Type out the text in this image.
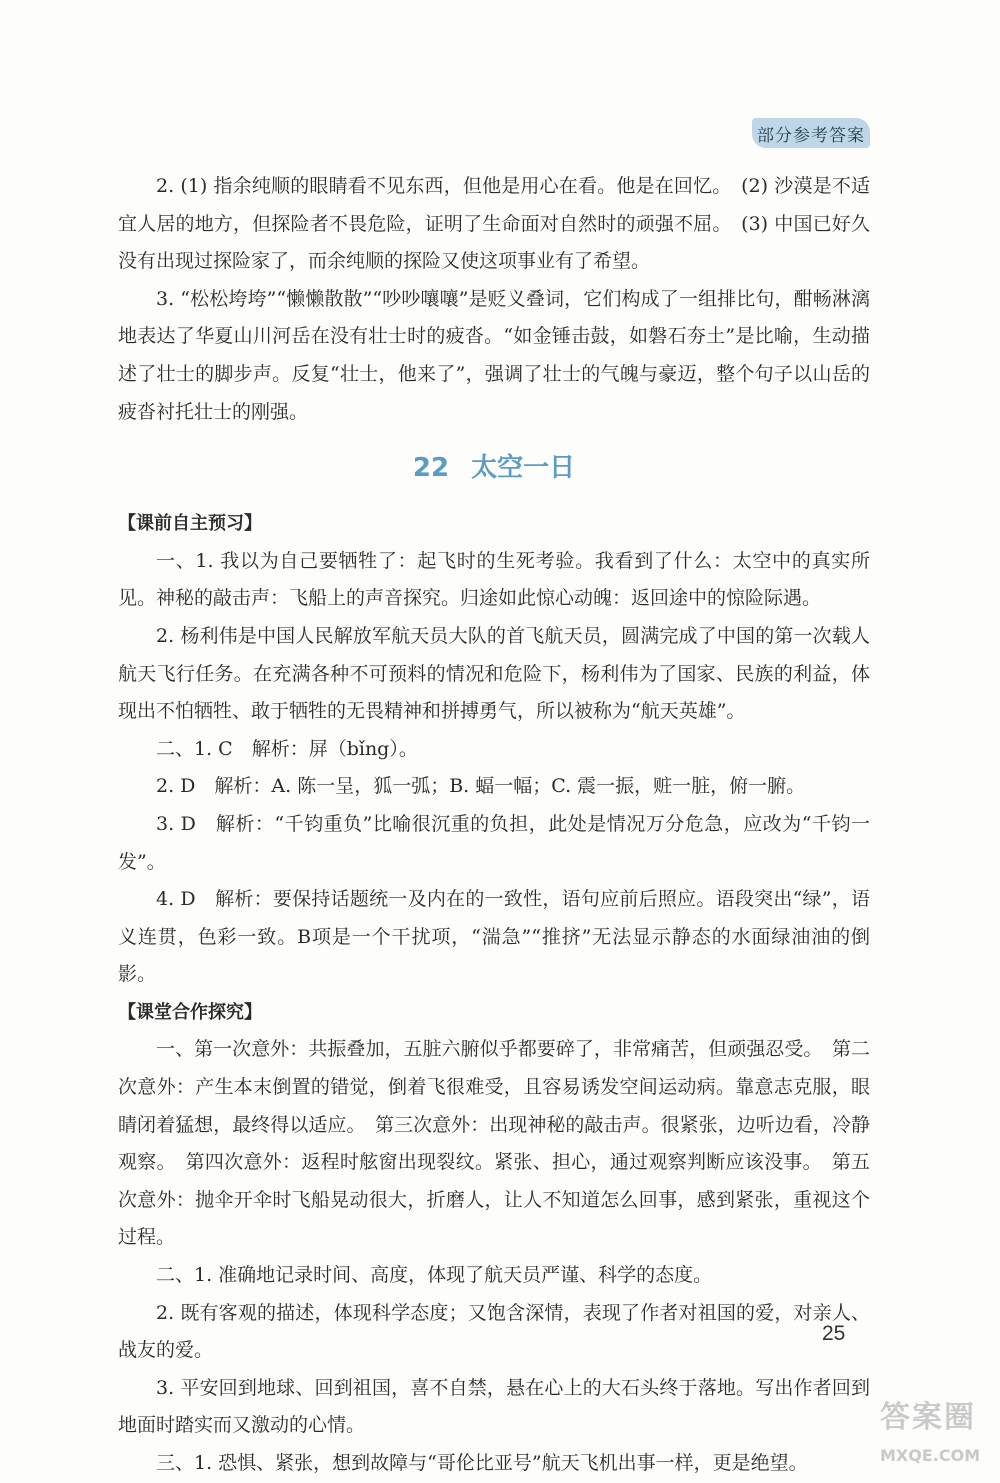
部分参考答案

2. (1) 指余纯顺的眼睛看不见东西，但他是用心在看。他是在回忆。　(2) 沙漠是不适宜人居的地方，但探险者不畏危险，证明了生命面对自然时的顽强不屈。　(3) 中国已好久没有出现过探险家了，而余纯顺的探险又使这项事业有了希望。

3. “松松垮垮”“懒懒散散”“吵吵嚷嚷”是贬义叠词，它们构成了一组排比句，酣畅淋漓地表达了华夏山川河岳在没有壮士时的疲沓。“如金锤击鼓，如磐石夯土”是比喻，生动描述了壮士的脚步声。反复“壮士，他来了”，强调了壮士的气魄与豪迈，整个句子以山岳的疲沓衬托壮士的刚强。

22 太空一日

【课前自主预习】

一、1. 我以为自己要牺牲了：起飞时的生死考验。我看到了什么：太空中的真实所见。神秘的敲击声：飞船上的声音探究。归途如此惊心动魄：返回途中的惊险际遇。

2. 杨利伟是中国人民解放军航天员大队的首飞航天员，圆满完成了中国的第一次载人航天飞行任务。在充满各种不可预料的情况和危险下，杨利伟为了国家、民族的利益，体现出不怕牺牲、敢于牺牲的无畏精神和拼搏勇气，所以被称为“航天英雄”。

二、1. C　解析：屏（bǐng）。

2. D　解析：A. 陈一呈，狐一弧；B. 蝠一幅；C. 震一振，赃一脏，俯一腑。

3. D　解析：“千钧重负”比喻很沉重的负担，此处是情况万分危急，应改为“千钧一发”。

4. D　解析：要保持话题统一及内在的一致性，语句应前后照应。语段突出“绿”，语义连贯，色彩一致。B项是一个干扰项，“湍急”“推挤”无法显示静态的水面绿油油的倒影。

【课堂合作探究】

一、第一次意外：共振叠加，五脏六腑似乎都要碎了，非常痛苦，但顽强忍受。　第二次意外：产生本末倒置的错觉，倒着飞很难受，且容易诱发空间运动病。靠意志克服，眼睛闭着猛想，最终得以适应。　第三次意外：出现神秘的敲击声。很紧张，边听边看，冷静观察。　第四次意外：返程时舷窗出现裂纹。紧张、担心，通过观察判断应该没事。　第五次意外：抛伞开伞时飞船晃动很大，折磨人，让人不知道怎么回事，感到紧张，重视这个过程。

二、1. 准确地记录时间、高度，体现了航天员严谨、科学的态度。

2. 既有客观的描述，体现科学态度；又饱含深情，表现了作者对祖国的爱，对亲人、战友的爱。

3. 平安回到地球、回到祖国，喜不自禁，悬在心上的大石头终于落地。写出作者回到地面时踏实而又激动的心情。

三、1. 恐惧、紧张，想到故障与“哥伦比亚号”航天飞机出事一样，更是绝望。

25
答案圈
MXQE.COM
